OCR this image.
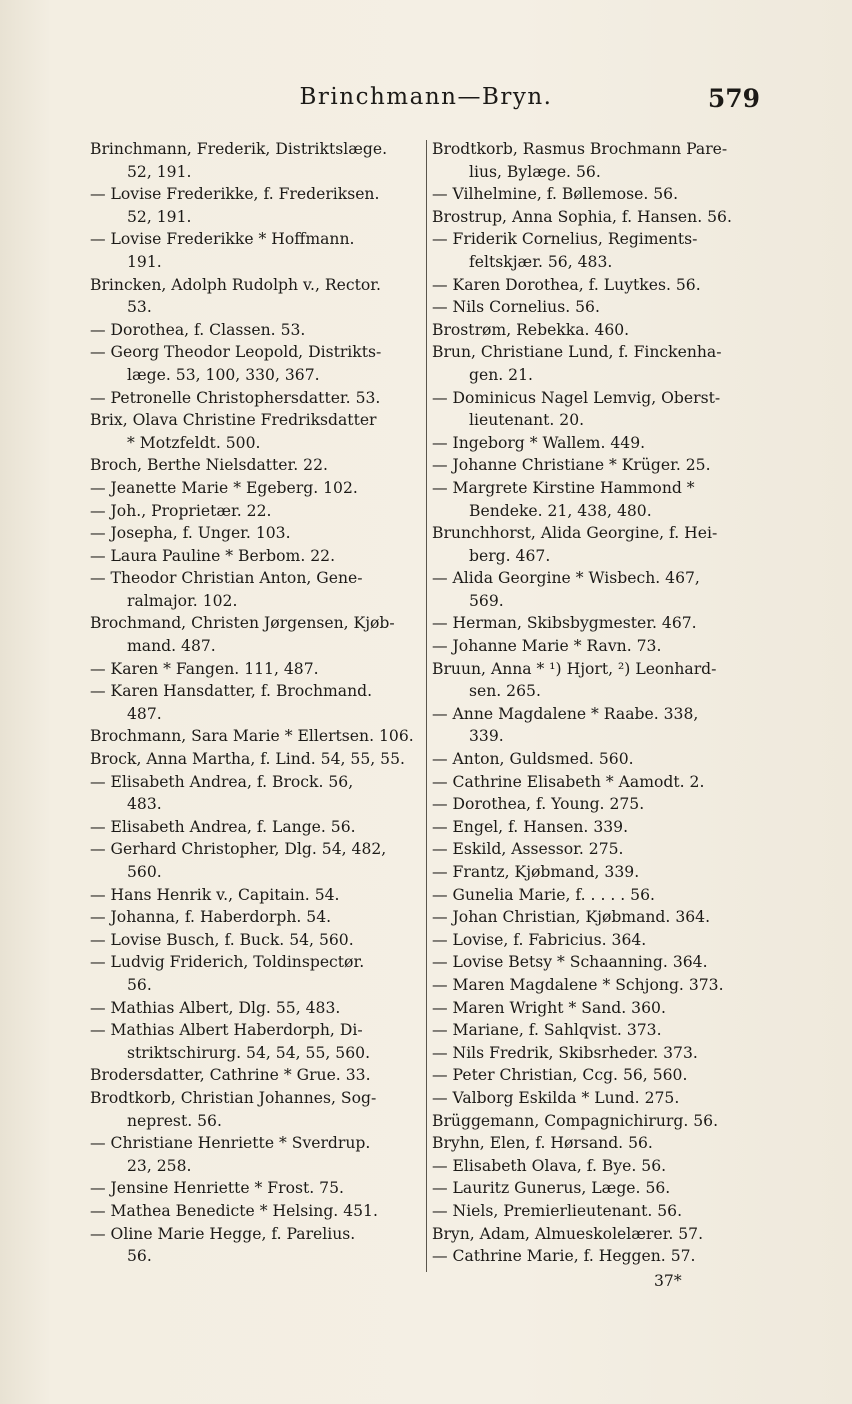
Brinchmann—Bryn.	579
Brinchmann, Frederik, Distriktslæge.
52, 191.
— Lovise Frederikke, f. Frederiksen.
52, 191.
— Lovise Frederikke * Hoffmann.
191.
Brincken, Adolph Rudolph v., Rector.
53.
— Dorothea, f. Classen. 53.
— Georg Theodor Leopold, Distrikts-
læge. 53, 100, 330, 367.
— Petronelle Christophersdatter. 53.
Brix, Olava Christine Fredriksdatter
* Motzfeldt. 500.
Broch, Berthe Nielsdatter. 22.
— Jeanette Marie * Egeberg. 102.
— Joh., Proprietær. 22.
— Josepha, f. Unger. 103.
— Laura Pauline * Berbom. 22.
— Theodor Christian Anton, Gene-
ralmajor. 102.
Brochmand, Christen Jørgensen, Kjøb-
mand. 487.
— Karen * Fangen. 111, 487.
— Karen Hansdatter, f. Brochmand.
487.
Brochmann, Sara Marie * Ellertsen. 106.
Brock, Anna Martha, f. Lind. 54, 55, 55.
— Elisabeth Andrea, f. Brock. 56,
483.
— Elisabeth Andrea, f. Lange. 56.
— Gerhard Christopher, Dlg. 54, 482,
560.
— Hans Henrik v., Capitain. 54.
— Johanna, f. Haberdorph. 54.
— Lovise Busch, f. Buck. 54, 560.
— Ludvig Friderich, Toldinspectør.
56.
— Mathias Albert, Dlg. 55, 483.
— Mathias Albert Haberdorph, Di-
striktschirurg. 54, 54, 55, 560.
Brodersdatter, Cathrine * Grue. 33.
Brodtkorb, Christian Johannes, Sog-
neprest. 56.
— Christiane Henriette * Sverdrup.
23, 258.
— Jensine Henriette * Frost. 75.
— Mathea Benedicte * Helsing. 451.
— Oline Marie Hegge, f. Parelius.
56.
Brodtkorb, Rasmus Brochmann Pare-
lius, Bylæge. 56.
— Vilhelmine, f. Bøllemose. 56.
Brostrup, Anna Sophia, f. Hansen. 56.
— Friderik Cornelius, Regiments-
feltskjær. 56, 483.
— Karen Dorothea, f. Luytkes. 56.
— Nils Cornelius. 56.
Brostrøm, Rebekka. 460.
Brun, Christiane Lund, f. Finckenha-
gen. 21.
— Dominicus Nagel Lemvig, Oberst-
lieutenant. 20.
— Ingeborg * Wallem. 449.
— Johanne Christiane * Krüger. 25.
— Margrete Kirstine Hammond *
Bendeke. 21, 438, 480.
Brunchhorst, Alida Georgine, f. Hei-
berg. 467.
— Alida Georgine * Wisbech. 467,
569.
— Herman, Skibsbygmester. 467.
— Johanne Marie * Ravn. 73.
Bruun, Anna * ¹) Hjort, ²) Leonhard-
sen. 265.
— Anne Magdalene * Raabe. 338,
339.
— Anton, Guldsmed. 560.
— Cathrine Elisabeth * Aamodt. 2.
— Dorothea, f. Young. 275.
— Engel, f. Hansen. 339.
— Eskild, Assessor. 275.
— Frantz, Kjøbmand, 339.
— Gunelia Marie, f. . . . . 56.
— Johan Christian, Kjøbmand. 364.
— Lovise, f. Fabricius. 364.
— Lovise Betsy * Schaanning. 364.
— Maren Magdalene * Schjong. 373.
— Maren Wright * Sand. 360.
— Mariane, f. Sahlqvist. 373.
— Nils Fredrik, Skibsrheder. 373.
— Peter Christian, Ccg. 56, 560.
— Valborg Eskilda * Lund. 275.
Brüggemann, Compagnichirurg. 56.
Bryhn, Elen, f. Hørsand. 56.
— Elisabeth Olava, f. Bye. 56.
— Lauritz Gunerus, Læge. 56.
— Niels, Premierlieutenant. 56.
Bryn, Adam, Almueskolelærer. 57.
— Cathrine Marie, f. Heggen. 57.
37*
